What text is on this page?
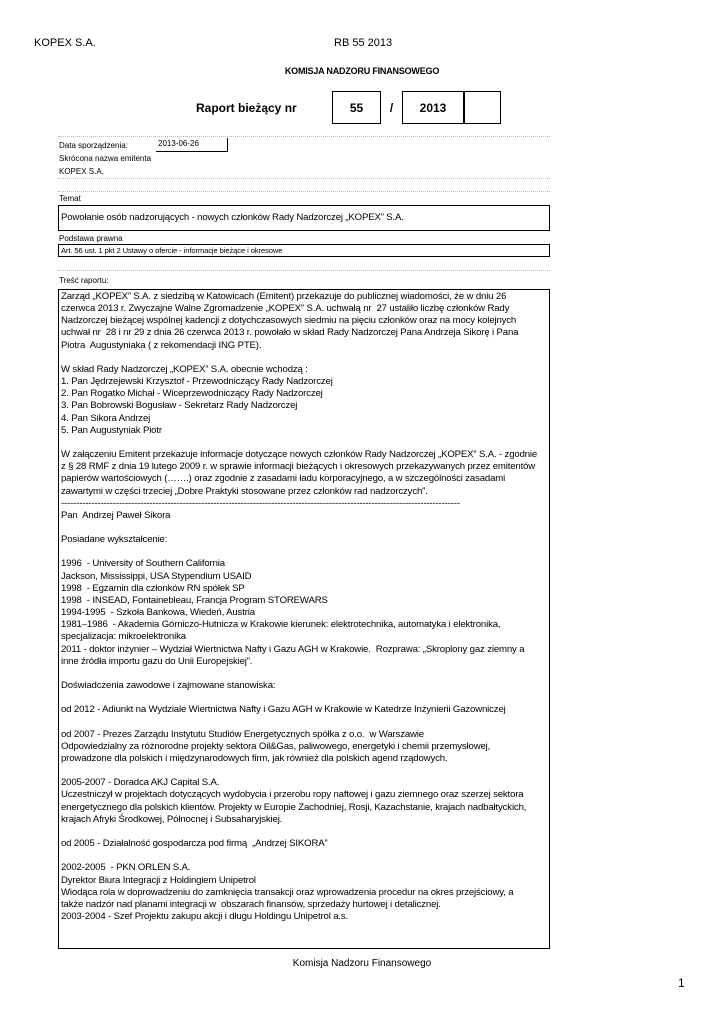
KOPEX S.A.	RB 55 2013
KOMISJA NADZORU FINANSOWEGO
Raport bieżący nr	55	/	2013
Data sporządzenia:	2013-06-26
Skrócona nazwa emitenta
KOPEX S.A.
Temat
Powołanie osób nadzorujących - nowych członków Rady Nadzorczej „KOPEX” S.A.
Podstawa prawna
Art. 56 ust. 1 pkt 2 Ustawy o ofercie - informacje bieżące i okresowe
Treść raportu:

Zarząd „KOPEX” S.A. z siedzibą w Katowicach (Emitent) przekazuje do publicznej wiadomości, że w dniu 26

czerwca 2013 r. Zwyczajne Walne Zgromadzenie „KOPEX” S.A. uchwałą nr  27 ustaliło liczbę członków Rady

Nadzorczej bieżącej wspólnej kadencji z dotychczasowych siedmiu na pięciu członków oraz na mocy kolejnych

uchwał nr  28 i nr 29 z dnia 26 czerwca 2013 r. powołało w skład Rady Nadzorczej Pana Andrzeja Sikorę i Pana

Piotra  Augustyniaka ( z rekomendacji ING PTE).

W skład Rady Nadzorczej „KOPEX” S.A. obecnie wchodzą :

1. Pan Jędrzejewski Krzysztof - Przewodniczący Rady Nadzorczej

2. Pan Rogatko Michał - Wiceprzewodniczący Rady Nadzorczej

3. Pan Bobrowski Bogusław - Sekretarz Rady Nadzorczej

4. Pan Sikora Andrzej

5. Pan Augustyniak Piotr

W załączeniu Emitent przekazuje informacje dotyczące nowych członków Rady Nadzorczej „KOPEX” S.A. - zgodnie

z § 28 RMF z dnia 19 lutego 2009 r. w sprawie informacji bieżących i okresowych przekazywanych przez emitentów

papierów wartościowych (…….) oraz zgodnie z zasadami ładu korporacyjnego, a w szczególności zasadami

zawartymi w części trzeciej „Dobre Praktyki stosowane przez członków rad nadzorczych”.

-----------------------------------------------------------------------------------------------------------------------------------

Pan  Andrzej Paweł Sikora

Posiadane wykształcenie:

1996  - University of Southern California

Jackson, Mississippi, USA Stypendium USAID

1998  - Egzamin dla członków RN spółek SP

1998  - INSEAD, Fontainebleau, Francja Program STOREWARS

1994-1995  - Szkoła Bankowa, Wiedeń, Austria

1981–1986  - Akademia Górniczo-Hutnicza w Krakowie kierunek: elektrotechnika, automatyka i elektronika,

specjalizacja: mikroelektronika

2011 - doktor inżynier – Wydział Wiertnictwa Nafty i Gazu AGH w Krakowie.  Rozprawa: „Skroplony gaz ziemny a

inne źródła importu gazu do Unii Europejskiej”.

Doświadczenia zawodowe i zajmowane stanowiska:

od 2012 - Adiunkt na Wydziale Wiertnictwa Nafty i Gazu AGH w Krakowie w Katedrze Inżynierii Gazowniczej

od 2007 - Prezes Zarządu Instytutu Studiów Energetycznych spółka z o.o.  w Warszawie

Odpowiedzialny za różnorodne projekty sektora Oil&Gas, paliwowego, energetyki i chemii przemysłowej,

prowadzone dla polskich i międzynarodowych firm, jak również dla polskich agend rządowych.

2005-2007 - Doradca AKJ Capital S.A.

Uczestniczył w projektach dotyczących wydobycia i przerobu ropy naftowej i gazu ziemnego oraz szerzej sektora

energetycznego dla polskich klientów. Projekty w Europie Zachodniej, Rosji, Kazachstanie, krajach nadbałtyckich,

krajach Afryki Środkowej, Północnej i Subsaharyjskiej.

od 2005 - Działalność gospodarcza pod firmą  „Andrzej SIKORA”

2002-2005  - PKN ORLEN S.A.

Dyrektor Biura Integracji z Holdingiem Unipetrol

Wiodąca rola w doprowadzeniu do zamknięcia transakcji oraz wprowadzenia procedur na okres przejściowy, a

także nadzór nad planami integracji w  obszarach finansów, sprzedaży hurtowej i detalicznej.

2003-2004 - Szef Projektu zakupu akcji i długu Holdingu Unipetrol a.s.

Komisja Nadzoru Finansowego
1
